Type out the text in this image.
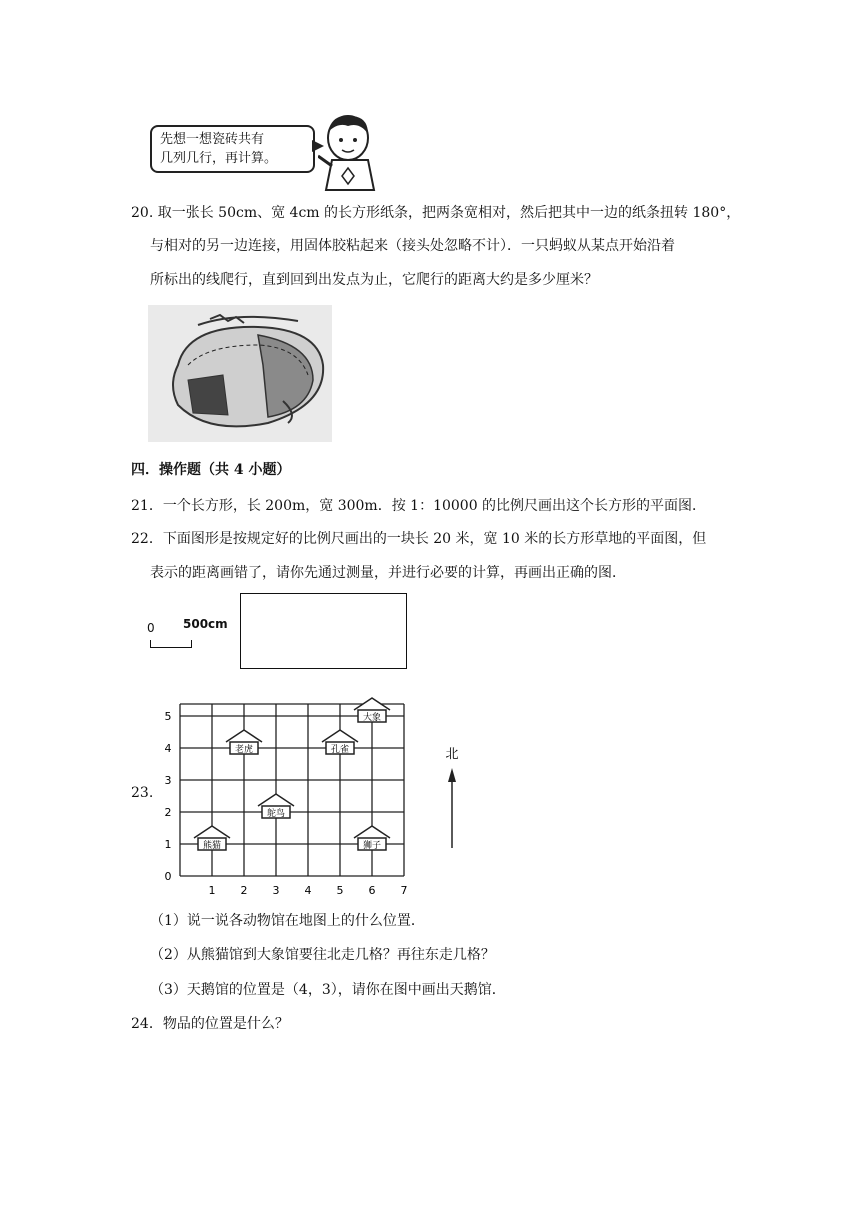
先想一想瓷砖共有
几列几行，再计算。
20. 取一张长 50cm、宽 4cm 的长方形纸条，把两条宽相对，然后把其中一边的纸条扭转 180°，
与相对的另一边连接，用固体胶粘起来（接头处忽略不计）．一只蚂蚁从某点开始沿着
所标出的线爬行，直到回到出发点为止，它爬行的距离大约是多少厘米？
四．操作题（共 4 小题）
21．一个长方形，长 200m，宽 300m．按 1：10000 的比例尺画出这个长方形的平面图．
22．下面图形是按规定好的比例尺画出的一块长 20 米，宽 10 米的长方形草地的平面图，但
表示的距离画错了，请你先通过测量，并进行必要的计算，再画出正确的图．
0 500cm
23.
1 2 3 4 5 6 7
0
1
2
3
4
5
熊猫
老虎
鸵鸟
孔雀
大象
狮子
北
（1）说一说各动物馆在地图上的什么位置．
（2）从熊猫馆到大象馆要往北走几格？再往东走几格？
（3）天鹅馆的位置是（4，3），请你在图中画出天鹅馆．
24．物品的位置是什么？
